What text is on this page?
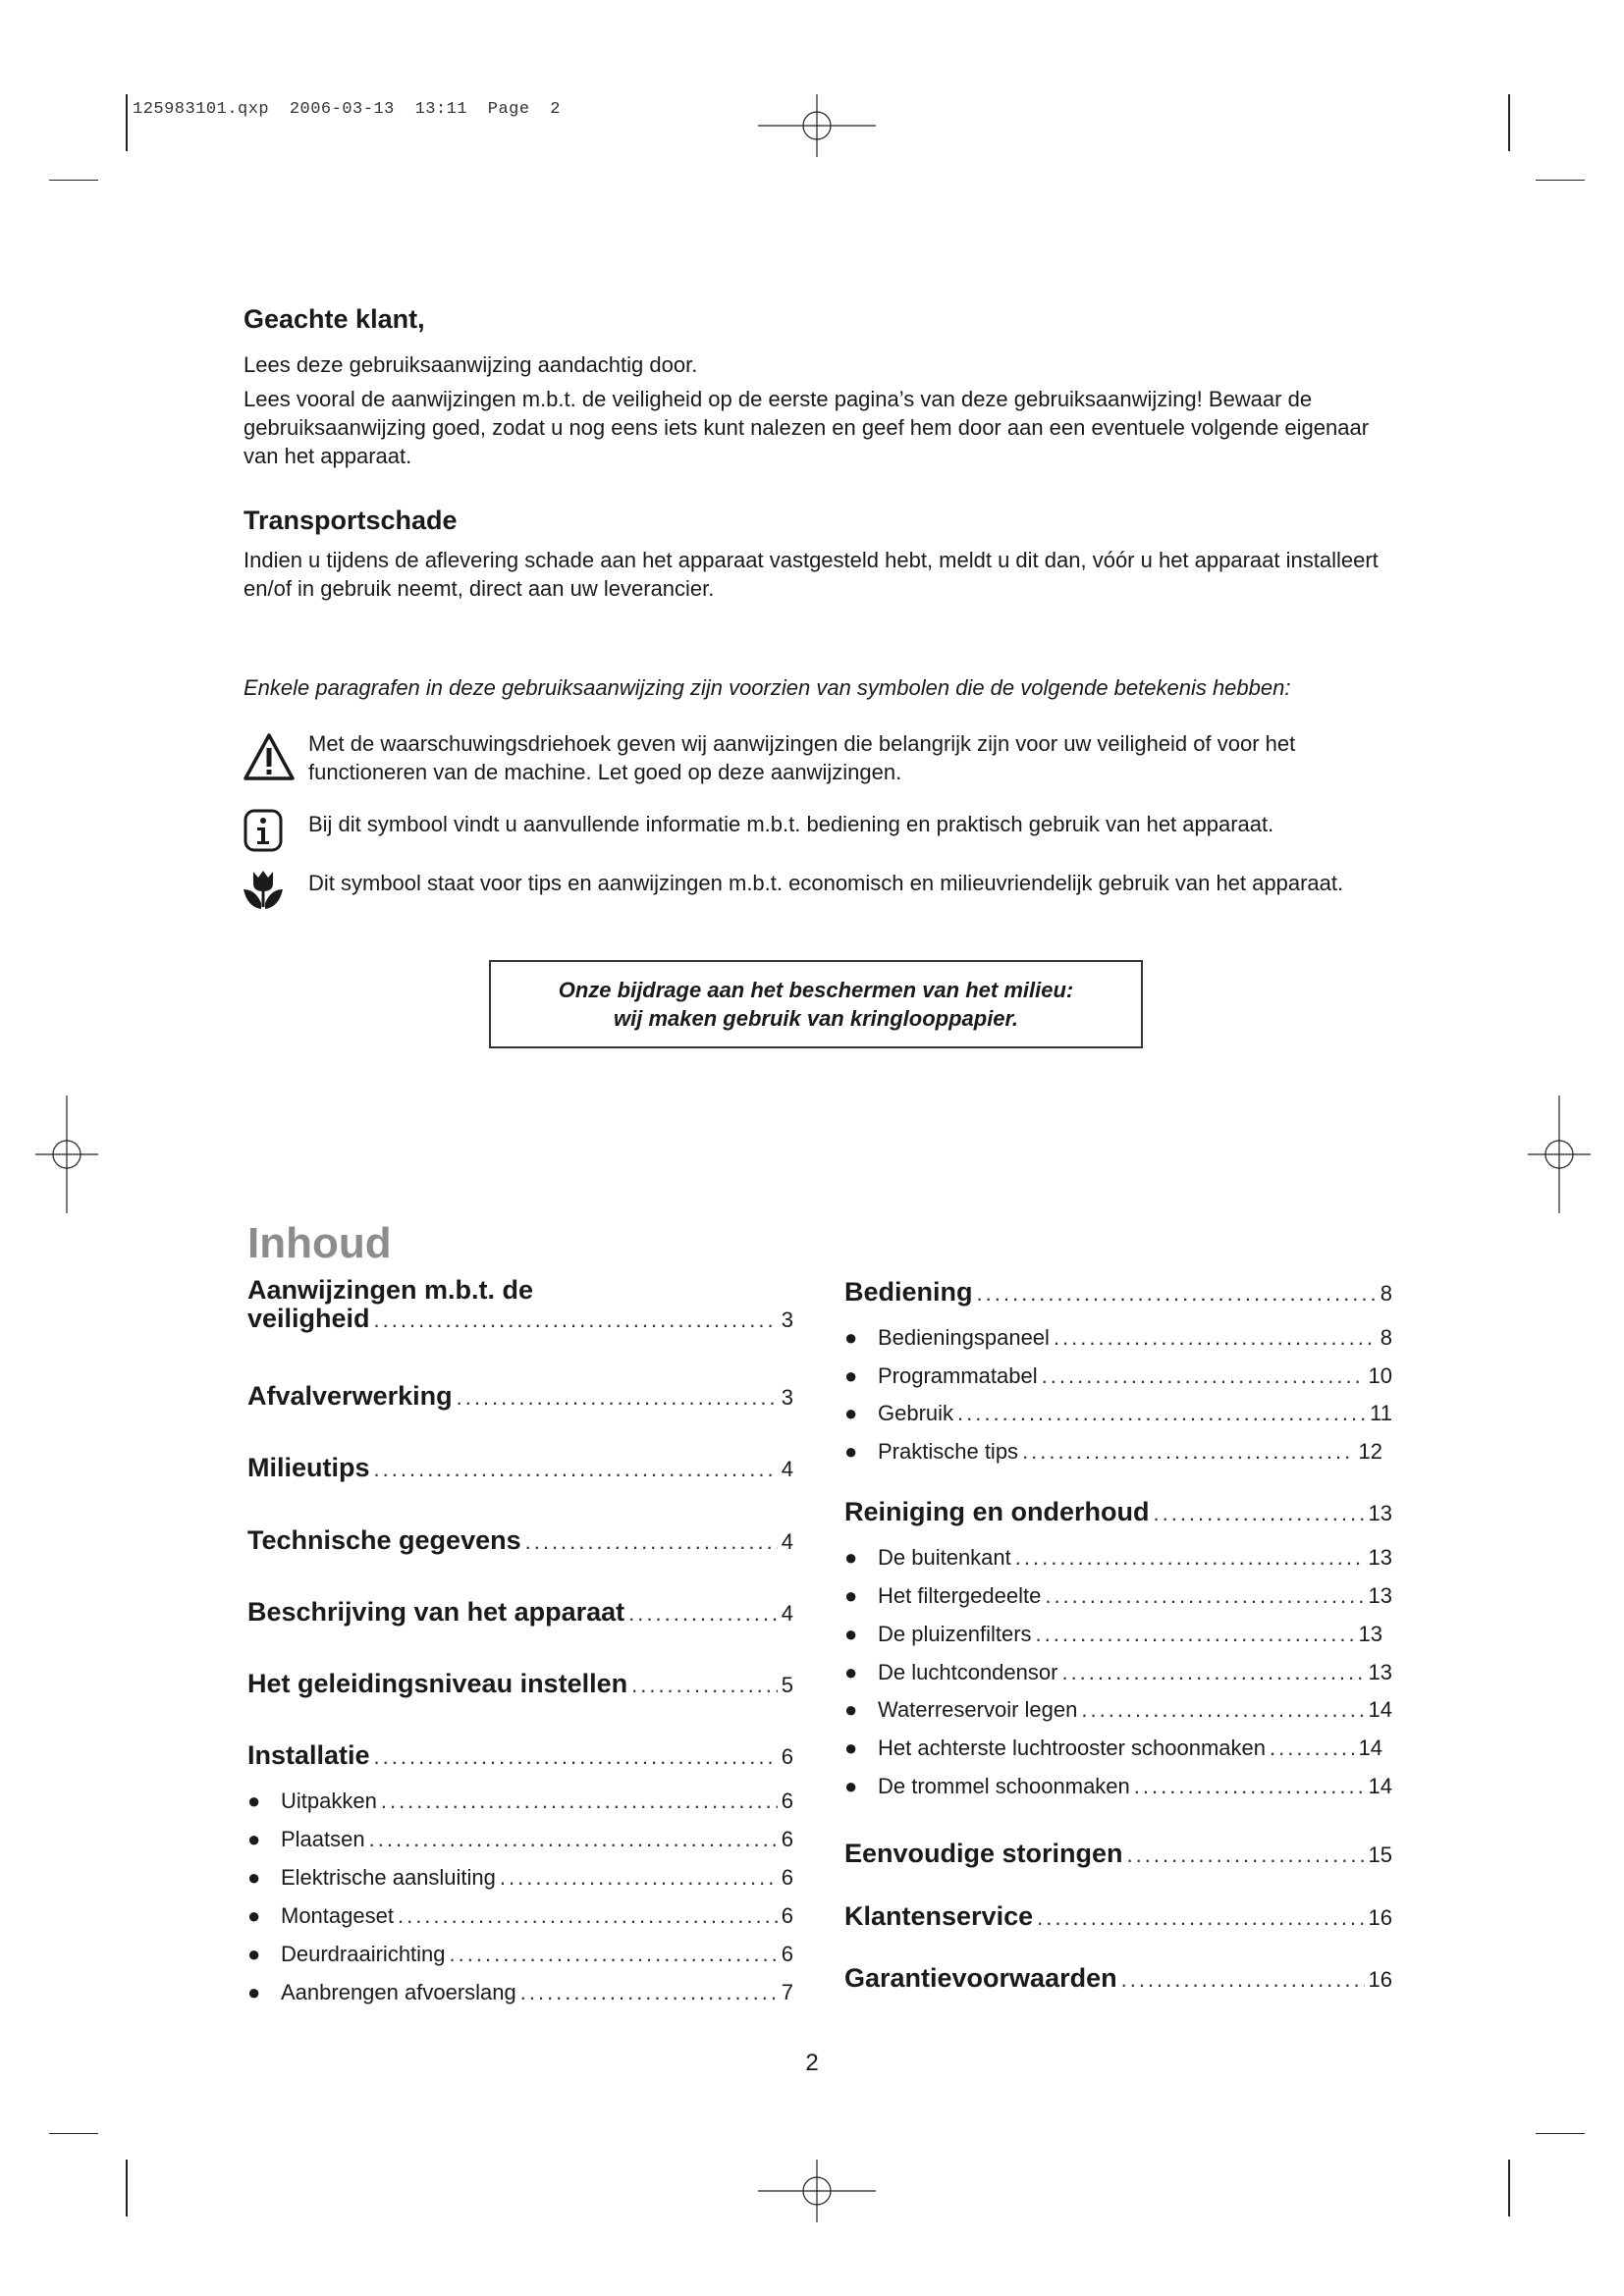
125983101.qxp 2006-03-13 13:11 Page 2
Geachte klant,

Lees deze gebruiksaanwijzing aandachtig door.

Lees vooral de aanwijzingen m.b.t. de veiligheid op de eerste pagina’s van deze gebruiksaanwijzing! Bewaar de gebruiksaanwijzing goed, zodat u nog eens iets kunt nalezen en geef hem door aan een eventuele volgende eigenaar van het apparaat.

Transportschade

Indien u tijdens de aflevering schade aan het apparaat vastgesteld hebt, meldt u dit dan, vóór u het apparaat installeert en/of in gebruik neemt, direct aan uw leverancier.

Enkele paragrafen in deze gebruiksaanwijzing zijn voorzien van symbolen die de volgende betekenis hebben:

Met de waarschuwingsdriehoek geven wij aanwijzingen die belangrijk zijn voor uw veiligheid of voor het functioneren van de machine. Let goed op deze aanwijzingen.
Bij dit symbool vindt u aanvullende informatie m.b.t. bediening en praktisch gebruik van het apparaat.
Dit symbool staat voor tips en aanwijzingen m.b.t. economisch en milieuvriendelijk gebruik van het apparaat.
Onze bijdrage aan het beschermen van het milieu:
wij maken gebruik van kringlooppapier.
Inhoud
Aanwijzingen m.b.t. de
veiligheid .....	3
Afvalverwerking .....	3
Milieutips .....	4
Technische gegevens .....	4
Beschrijving van het apparaat .....	4
Het geleidingsniveau instellen .....	5
Installatie .....	6
● Uitpakken .....	6
● Plaatsen .....	6
● Elektrische aansluiting .....	6
● Montageset .....	6
● Deurdraairichting .....	6
● Aanbrengen afvoerslang .....	7
Bediening .....	8
● Bedieningspaneel .....	8
● Programmatabel .....	10
● Gebruik .....	11
● Praktische tips .....	12
Reiniging en onderhoud .....	13
● De buitenkant .....	13
● Het filtergedeelte .....	13
● De pluizenfilters .....	13
● De luchtcondensor .....	13
● Waterreservoir legen .....	14
● Het achterste luchtrooster schoonmaken .....	14
● De trommel schoonmaken .....	14
Eenvoudige storingen .....	15
Klantenservice .....	16
Garantievoorwaarden .....	16
2
